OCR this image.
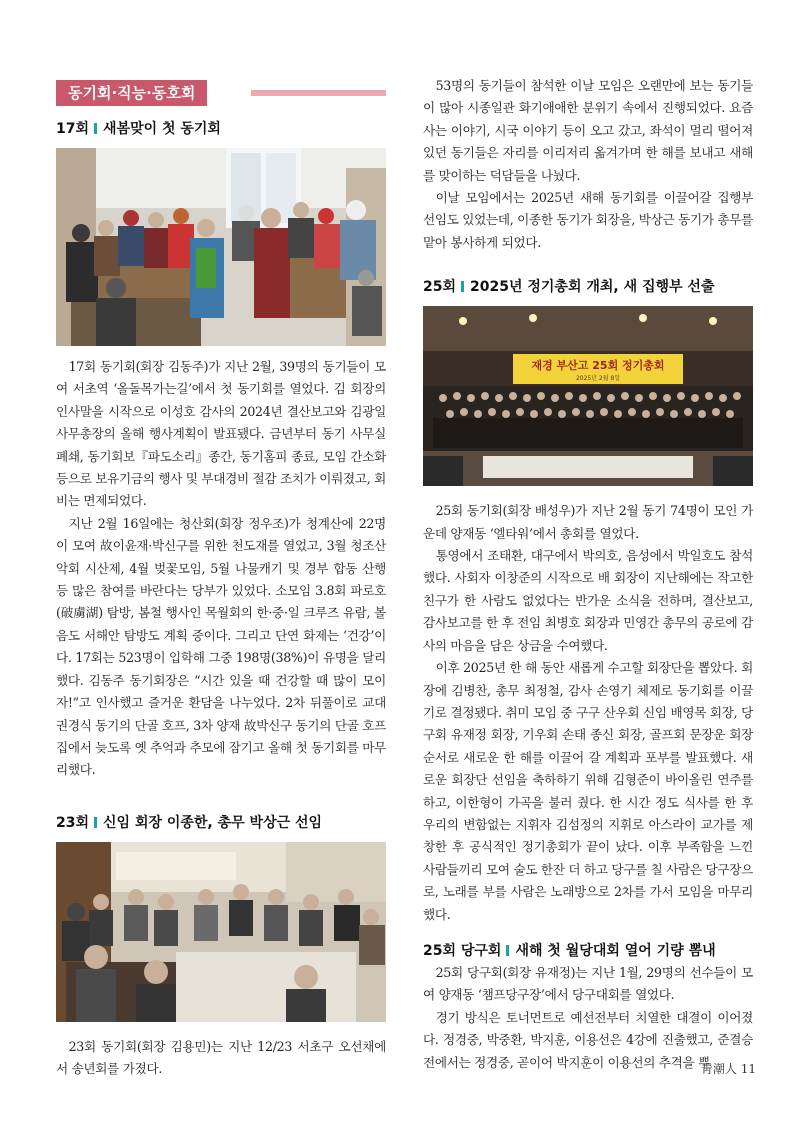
동기회·직능·동호회

17회 새봄맞이 첫 동기회

17회 동기회(회장 김동주)가 지난 2월, 39명의 동기들이 모여 서초역 ‘올돌목가는길’에서 첫 동기회를 열었다. 김 회장의 인사말을 시작으로 이성호 감사의 2024년 결산보고와 김광일 사무총장의 올해 행사계획이 발표됐다. 금년부터 동기 사무실 폐쇄, 동기회보『파도소리』종간, 동기홈피 종료, 모임 간소화 등으로 보유기금의 행사 및 부대경비 절감 조치가 이뤄졌고, 회비는 면제되었다.

지난 2월 16일에는 청산회(회장 정우조)가 청계산에 22명이 모여 故이윤재·박신구를 위한 천도재를 열었고, 3월 청조산악회 시산제, 4월 벚꽃모임, 5월 나물캐기 및 경부 합동 산행 등 많은 참여를 바란다는 당부가 있었다. 소모임 3.8회 파로호(破虜湖) 탐방, 봄철 행사인 목월회의 한·중·일 크루즈 유람, 볼음도 서해안 탐방도 계획 중이다. 그리고 단연 화제는 ‘건강’이다. 17회는 523명이 입학해 그중 198명(38%)이 유명을 달리했다. 김동주 동기회장은 “시간 있을 때 건강할 때 많이 모이자!”고 인사했고 즐거운 환담을 나누었다. 2차 뒤풀이로 교대 권경식 동기의 단골 호프, 3차 양재 故박신구 동기의 단골 호프집에서 늦도록 옛 추억과 추모에 잠기고 올해 첫 동기회를 마무리했다.

23회 신임 회장 이종한, 총무 박상근 선임

23회 동기회(회장 김용민)는 지난 12/23 서초구 오선채에서 송년회를 가졌다.

53명의 동기들이 참석한 이날 모임은 오랜만에 보는 동기들이 많아 시종일관 화기애애한 분위기 속에서 진행되었다. 요즘 사는 이야기, 시국 이야기 등이 오고 갔고, 좌석이 멀리 떨어져 있던 동기들은 자리를 이리저리 옮겨가며 한 해를 보내고 새해를 맞이하는 덕담들을 나눴다.

이날 모임에서는 2025년 새해 동기회를 이끌어갈 집행부 선임도 있었는데, 이종한 동기가 회장을, 박상근 동기가 총무를 맡아 봉사하게 되었다.

25회 2025년 정기총회 개최, 새 집행부 선출

재경 부산고 25회 정기총회
2025년 2월 8일

25회 동기회(회장 배성우)가 지난 2월 동기 74명이 모인 가운데 양재동 ‘엘타워’에서 총회를 열었다.

통영에서 조태환, 대구에서 박의호, 음성에서 박일호도 참석했다. 사회자 이창준의 시작으로 배 회장이 지난해에는 작고한 친구가 한 사람도 없었다는 반가운 소식을 전하며, 결산보고, 감사보고를 한 후 전임 최병호 회장과 민영간 총무의 공로에 감사의 마음을 담은 상금을 수여했다.

이후 2025년 한 해 동안 새롭게 수고할 회장단을 뽑았다. 회장에 김병찬, 총무 최정철, 감사 손영기 체제로 동기회를 이끌기로 결정됐다. 취미 모임 중 구구 산우회 신임 배영목 회장, 당구회 유재정 회장, 기우회 손태 종신 회장, 골프회 문장운 회장 순서로 새로운 한 해를 이끌어 갈 계획과 포부를 발표했다. 새로운 회장단 선임을 축하하기 위해 김형준이 바이올린 연주를 하고, 이한형이 가곡을 불러 줬다. 한 시간 정도 식사를 한 후 우리의 변함없는 지휘자 김섬정의 지휘로 아스라이 교가를 제창한 후 공식적인 정기총회가 끝이 났다. 이후 부족함을 느낀 사람들끼리 모여 술도 한잔 더 하고 당구를 칠 사람은 당구장으로, 노래를 부를 사람은 노래방으로 2차를 가서 모임을 마무리했다.

25회 당구회 새해 첫 월당대회 열어 기량 뽐내

25회 당구회(회장 유재정)는 지난 1월, 29명의 선수들이 모여 양재동 ‘챔프당구장’에서 당구대회를 열었다.

경기 방식은 토너먼트로 예선전부터 치열한 대결이 이어졌다. 정경중, 박중환, 박지훈, 이용선은 4강에 진출했고, 준결승전에서는 정경중, 곧이어 박지훈이 이용선의 추격을 뿌

靑潮人 11
